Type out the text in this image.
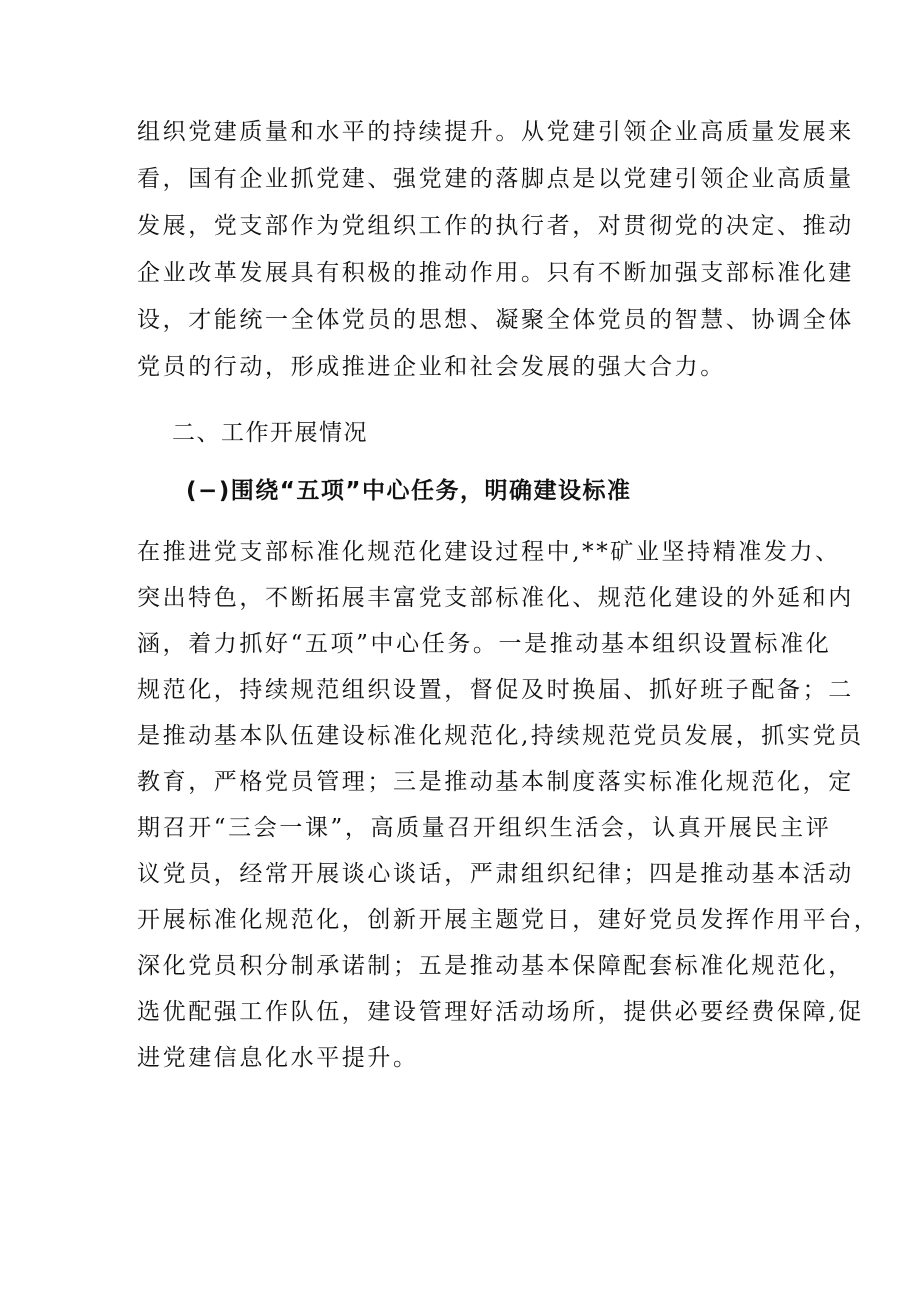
组织党建质量和水平的持续提升。从党建引领企业高质量发展来
看，国有企业抓党建、强党建的落脚点是以党建引领企业高质量
发展，党支部作为党组织工作的执行者，对贯彻党的决定、推动
企业改革发展具有积极的推动作用。只有不断加强支部标准化建
设，才能统一全体党员的思想、凝聚全体党员的智慧、协调全体
党员的行动，形成推进企业和社会发展的强大合力。
二、工作开展情况
(−)围绕“五项”中心任务，明确建设标准
在推进党支部标准化规范化建设过程中,**矿业坚持精准发力、
突出特色，不断拓展丰富党支部标准化、规范化建设的外延和内
涵，着力抓好“五项”中心任务。一是推动基本组织设置标准化
规范化，持续规范组织设置，督促及时换届、抓好班子配备；二
是推动基本队伍建设标准化规范化,持续规范党员发展，抓实党员
教育，严格党员管理；三是推动基本制度落实标准化规范化，定
期召开“三会一课”，高质量召开组织生活会，认真开展民主评
议党员，经常开展谈心谈话，严肃组织纪律；四是推动基本活动
开展标准化规范化，创新开展主题党日，建好党员发挥作用平台，
深化党员积分制承诺制；五是推动基本保障配套标准化规范化，
选优配强工作队伍，建设管理好活动场所，提供必要经费保障,促
进党建信息化水平提升。
